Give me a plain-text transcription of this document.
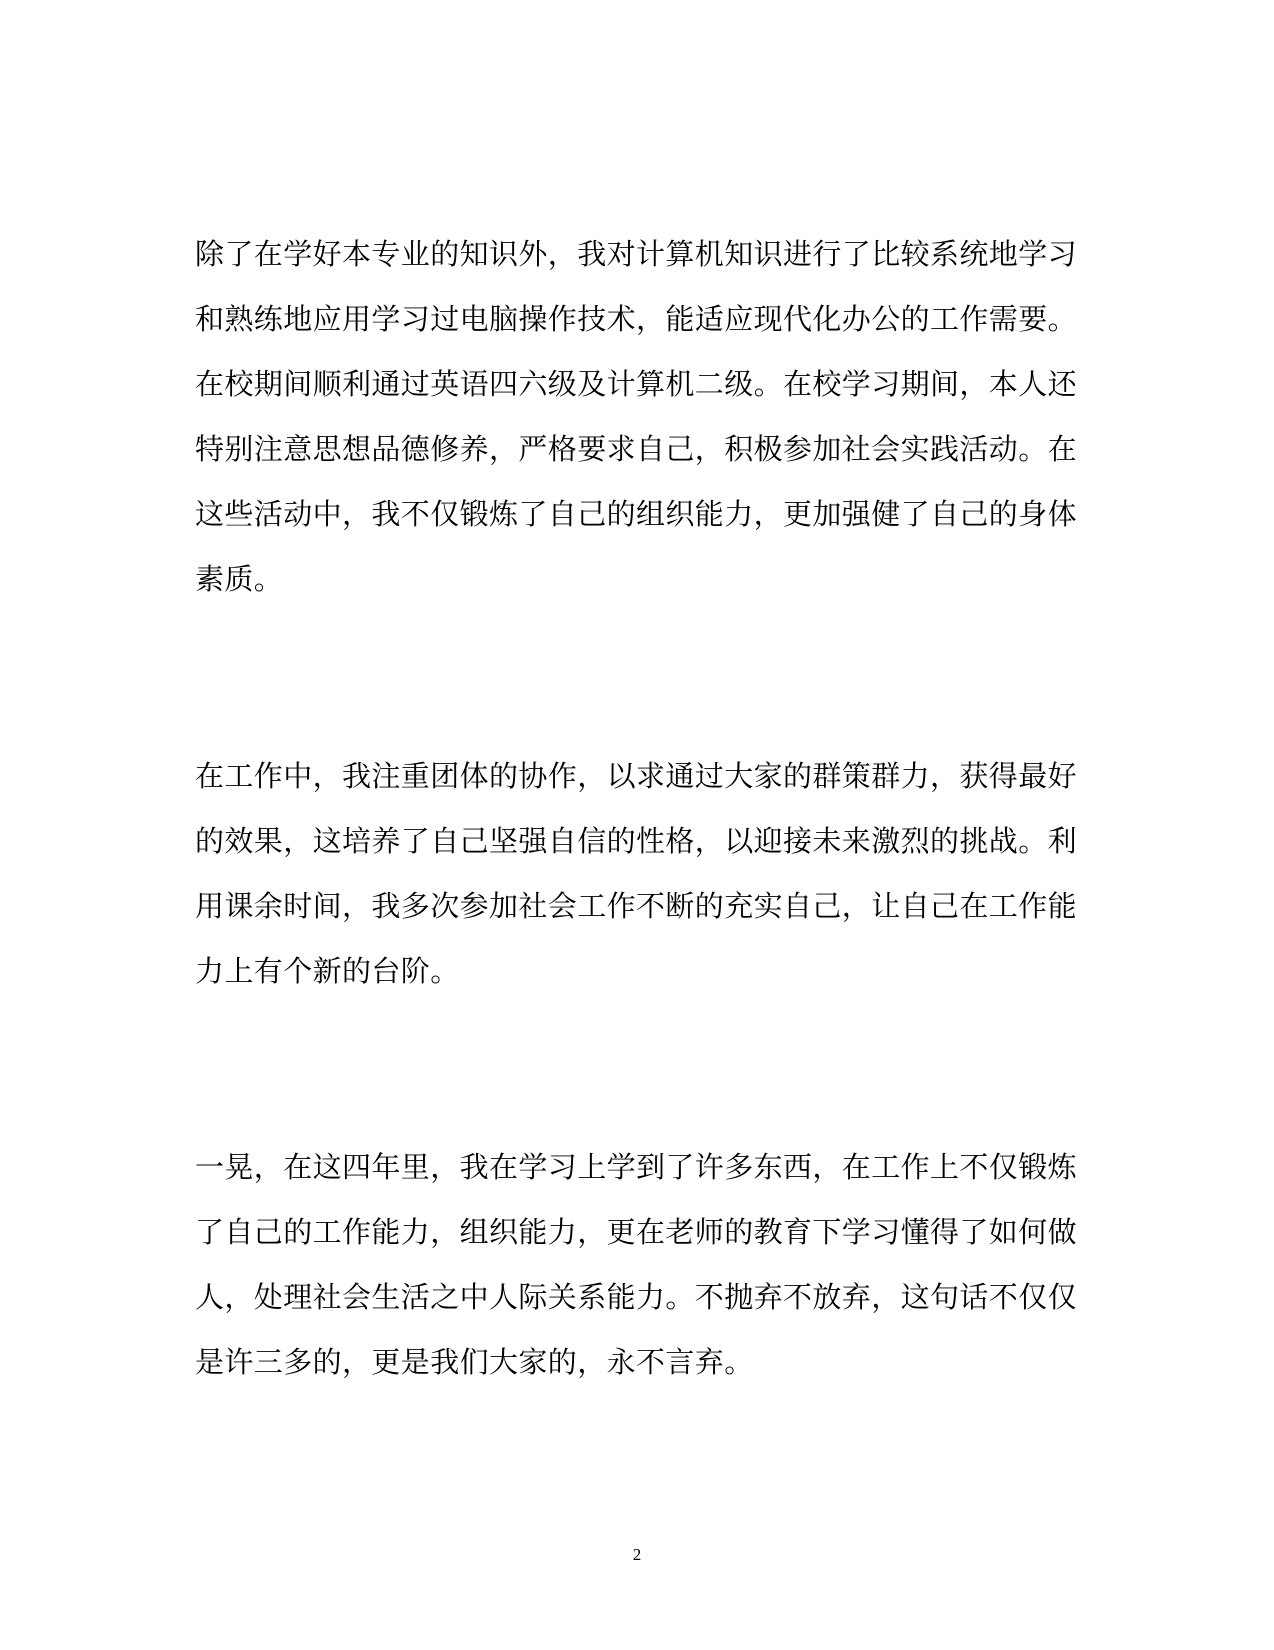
除了在学好本专业的知识外，我对计算机知识进行了比较系统地学习
和熟练地应用学习过电脑操作技术，能适应现代化办公的工作需要。
在校期间顺利通过英语四六级及计算机二级。在校学习期间，本人还
特别注意思想品德修养，严格要求自己，积极参加社会实践活动。在
这些活动中，我不仅锻炼了自己的组织能力，更加强健了自己的身体
素质。
在工作中，我注重团体的协作，以求通过大家的群策群力，获得最好
的效果，这培养了自己坚强自信的性格，以迎接未来激烈的挑战。利
用课余时间，我多次参加社会工作不断的充实自己，让自己在工作能
力上有个新的台阶。
一晃，在这四年里，我在学习上学到了许多东西，在工作上不仅锻炼
了自己的工作能力，组织能力，更在老师的教育下学习懂得了如何做
人，处理社会生活之中人际关系能力。不抛弃不放弃，这句话不仅仅
是许三多的，更是我们大家的，永不言弃。
2
